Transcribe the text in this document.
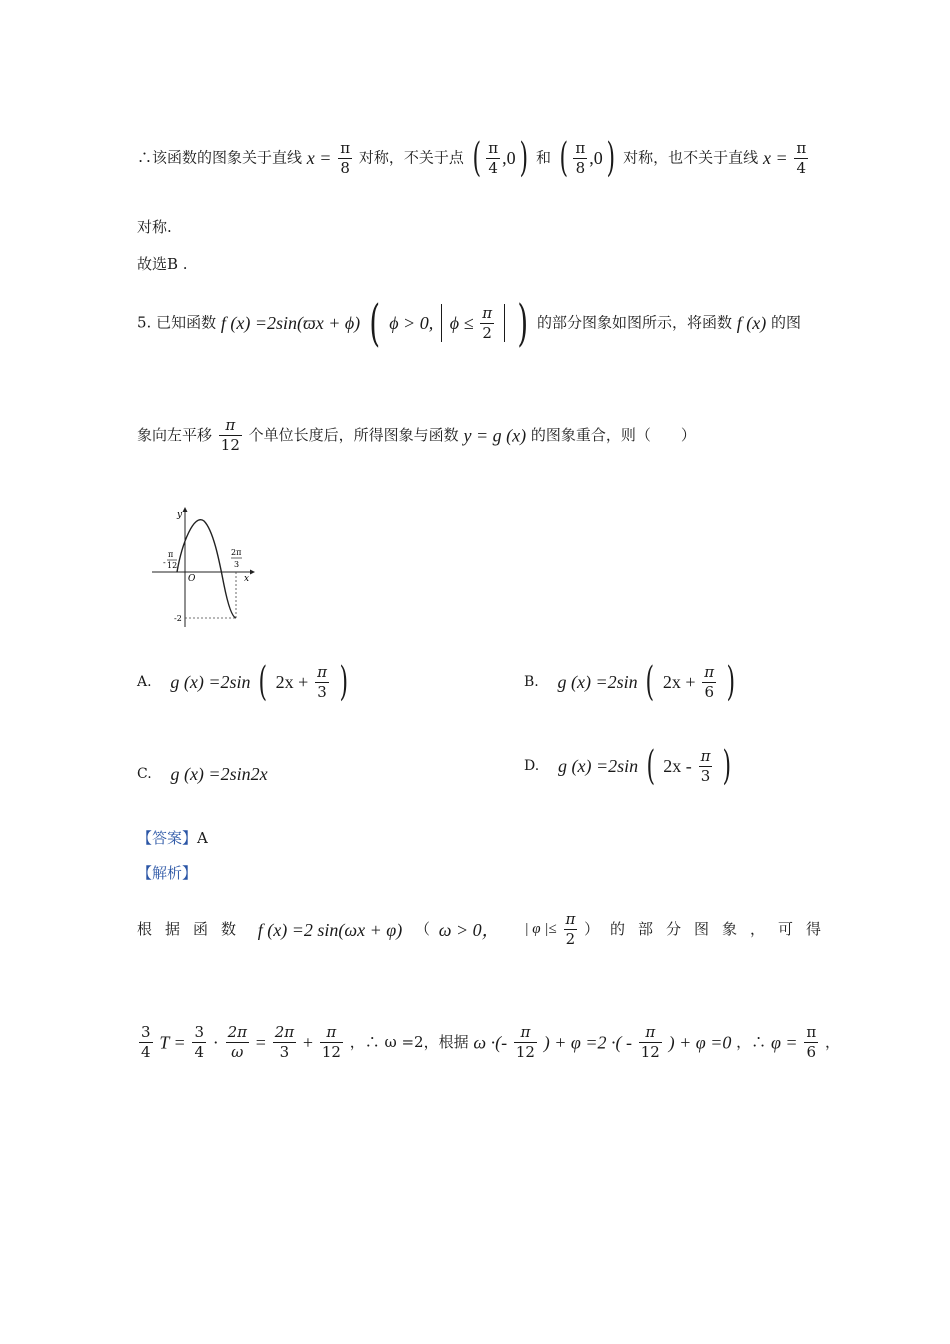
∴该函数的图象关于直线 $x = \frac{\pi}{8}$ 对称，不关于点 ( $\frac{\pi}{4} ,0$) 和 ( $\frac{\pi}{8} ,0$) 对称，也不关于直线 $x = \frac{\pi}{4}$
对称.
故选B .
5. 已知函数 f (x) =2sin(ϖx + ϕ) ( ϕ > 0, $\phi \le \frac{\pi}{2}$ ) 的部分图象如图所示，将函数 f (x) 的图
象向左平移 $\frac{\pi}{12}$ 个单位长度后，所得图象与函数 y = g (x) 的图象重合，则（　　）
y
x
O
-
π
12
2π
3
-2
A. g (x) =2sin ( $2x + \frac{\pi}{3}$ )	B. g (x) =2sin ( $2x + \frac{\pi}{6}$ )
C. g (x) =2sin2x	D. g (x) =2sin ( $2x - \frac{\pi}{3}$ )
【答案】A
【解析】
根据函数 f (x) =2 sin(ωx + φ) （ ω > 0， | φ |≤ $\frac{\pi}{2}$ ） 的部分图象，可得
$\frac{3}{4}$ $T = \frac{3}{4} \cdot \frac{2\pi}{\omega} = \frac{2\pi}{3} + \frac{\pi}{12}$ ，∴ ω =2，根据 ω ·(- $\frac{\pi}{12}$ ) + φ =2 ·( - $\frac{\pi}{12}$ ) + φ =0 ，∴ $\varphi = \frac{\pi}{6}$ ，
